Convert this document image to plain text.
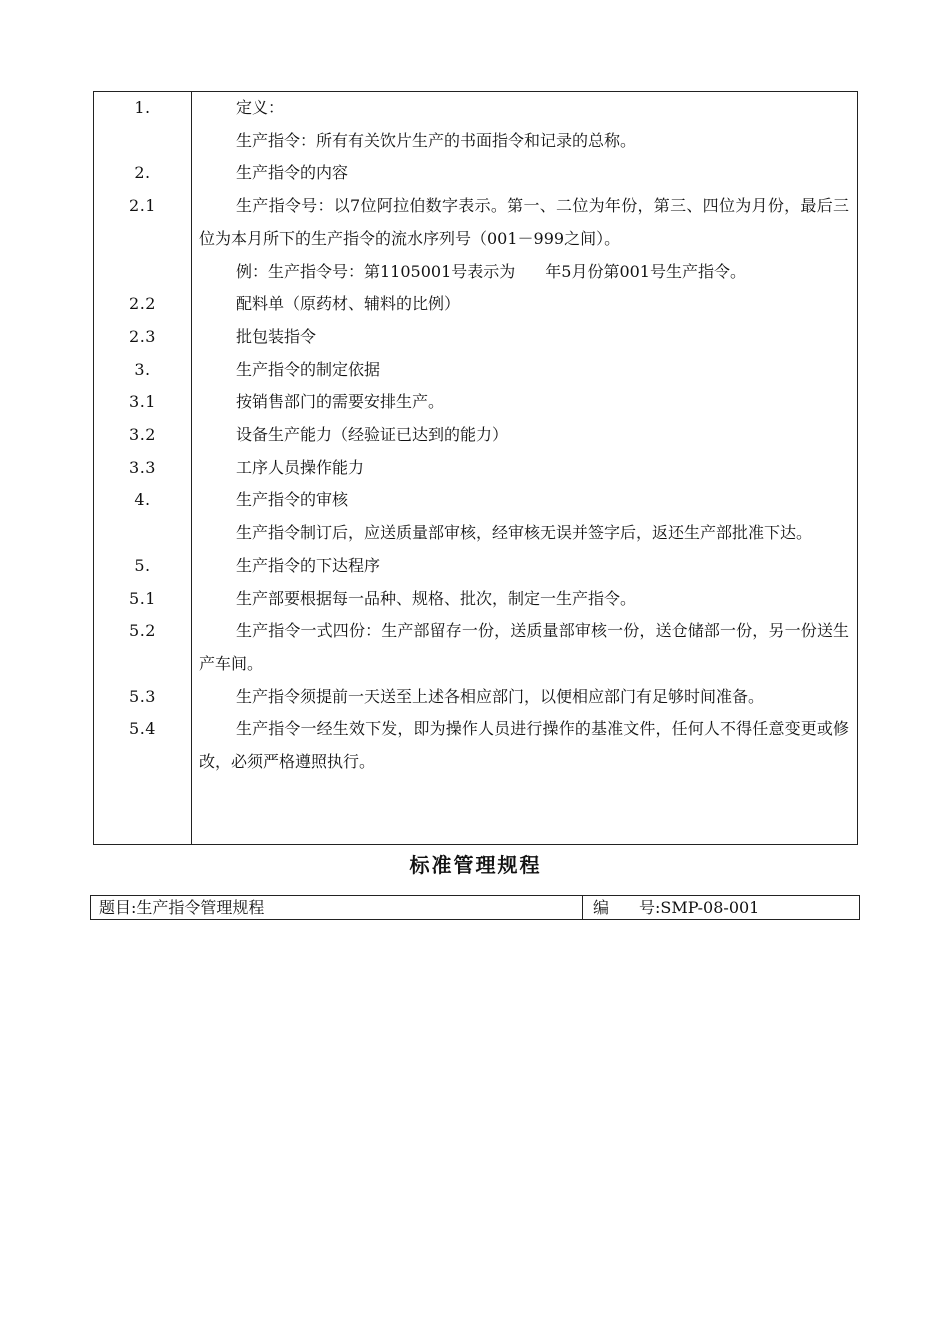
1.	定义：
生产指令：所有有关饮片生产的书面指令和记录的总称。
2.	生产指令的内容
2.1	生产指令号：以7位阿拉伯数字表示。第一、二位为年份，第三、四位为月份，最后三位为本月所下的生产指令的流水序列号（001－999之间）。
例：生产指令号：第1105001号表示为 年5月份第001号生产指令。
2.2	配料单（原药材、辅料的比例）
2.3	批包装指令
3.	生产指令的制定依据
3.1	按销售部门的需要安排生产。
3.2	设备生产能力（经验证已达到的能力）
3.3	工序人员操作能力
4.	生产指令的审核
生产指令制订后，应送质量部审核，经审核无误并签字后，返还生产部批准下达。
5.	生产指令的下达程序
5.1	生产部要根据每一品种、规格、批次，制定一生产指令。
5.2	生产指令一式四份：生产部留存一份，送质量部审核一份，送仓储部一份，另一份送生产车间。
5.3	生产指令须提前一天送至上述各相应部门，以便相应部门有足够时间准备。
5.4	生产指令一经生效下发，即为操作人员进行操作的基准文件，任何人不得任意变更或修改，必须严格遵照执行。
标准管理规程
题目:生产指令管理规程	编 号:SMP-08-001
